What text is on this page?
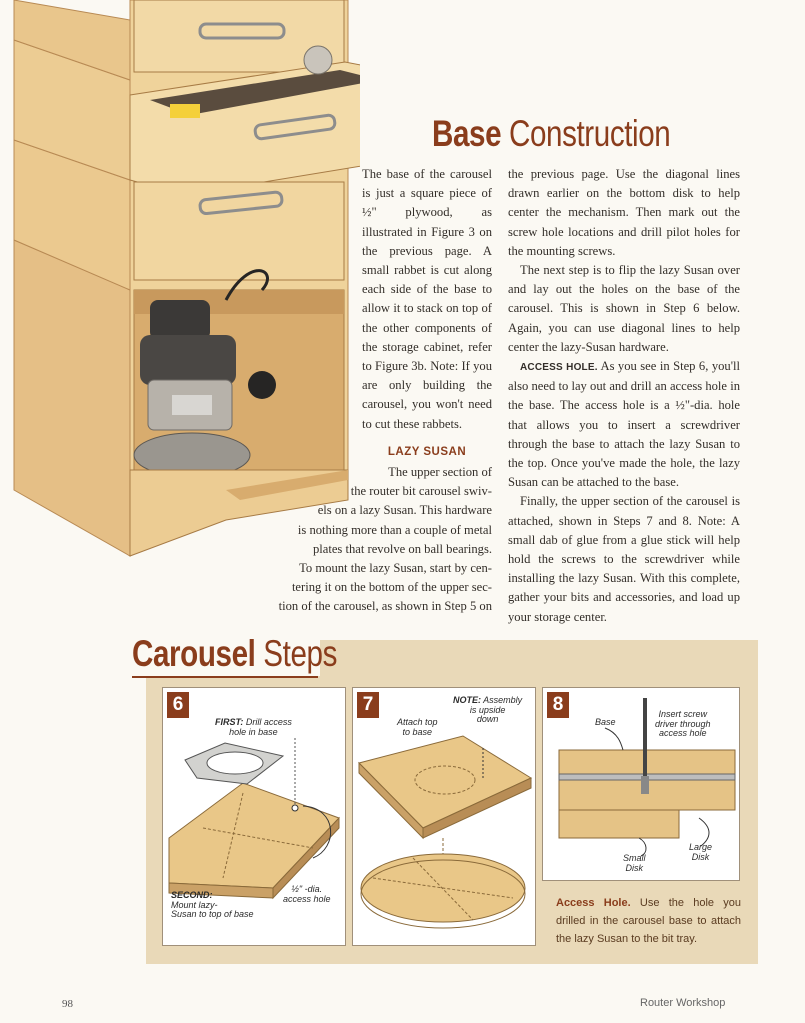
Base Construction

The base of the carousel is just a square piece of ½" plywood, as illustrated in Figure 3 on the previous page. A small rabbet is cut along each side of the base to allow it to stack on top of the other components of the storage cabinet, refer to Figure 3b. Note: If you are only building the carousel, you won't need to cut these rabbets.

LAZY SUSAN
The upper section of
the router bit carousel swiv-
els on a lazy Susan. This hardware
is nothing more than a couple of metal
plates that revolve on ball bearings.
To mount the lazy Susan, start by cen-
tering it on the bottom of the upper sec-
tion of the carousel, as shown in Step 5 on

the previous page. Use the diagonal lines drawn earlier on the bottom disk to help center the mechanism. Then mark out the screw hole locations and drill pilot holes for the mounting screws.

The next step is to flip the lazy Susan over and lay out the holes on the base of the carousel. This is shown in Step 6 below. Again, you can use diagonal lines to help center the lazy-Susan hardware.

ACCESS HOLE. As you see in Step 6, you'll also need to lay out and drill an access hole in the base. The access hole is a ½"-dia. hole that allows you to insert a screwdriver through the base to attach the lazy Susan to the top. Once you've made the hole, the lazy Susan can be attached to the base.

Finally, the upper section of the carousel is attached, shown in Steps 7 and 8. Note: A small dab of glue from a glue stick will help hold the screws to the screwdriver while installing the lazy Susan. With this complete, gather your bits and accessories, and load up your storage center.

Carousel Steps
6
FIRST: Drill access
hole in base
SECOND:
Mount lazy-
Susan to top of base
½" -dia.
access hole
7	NOTE: Assembly
is upside
down
Attach top
to base
8
Base
Insert screw
driver through
access hole
Large
Disk
Small
Disk
Access Hole. Use the hole you drilled in the carousel base to attach the lazy Susan to the bit tray.
98	Router Workshop
